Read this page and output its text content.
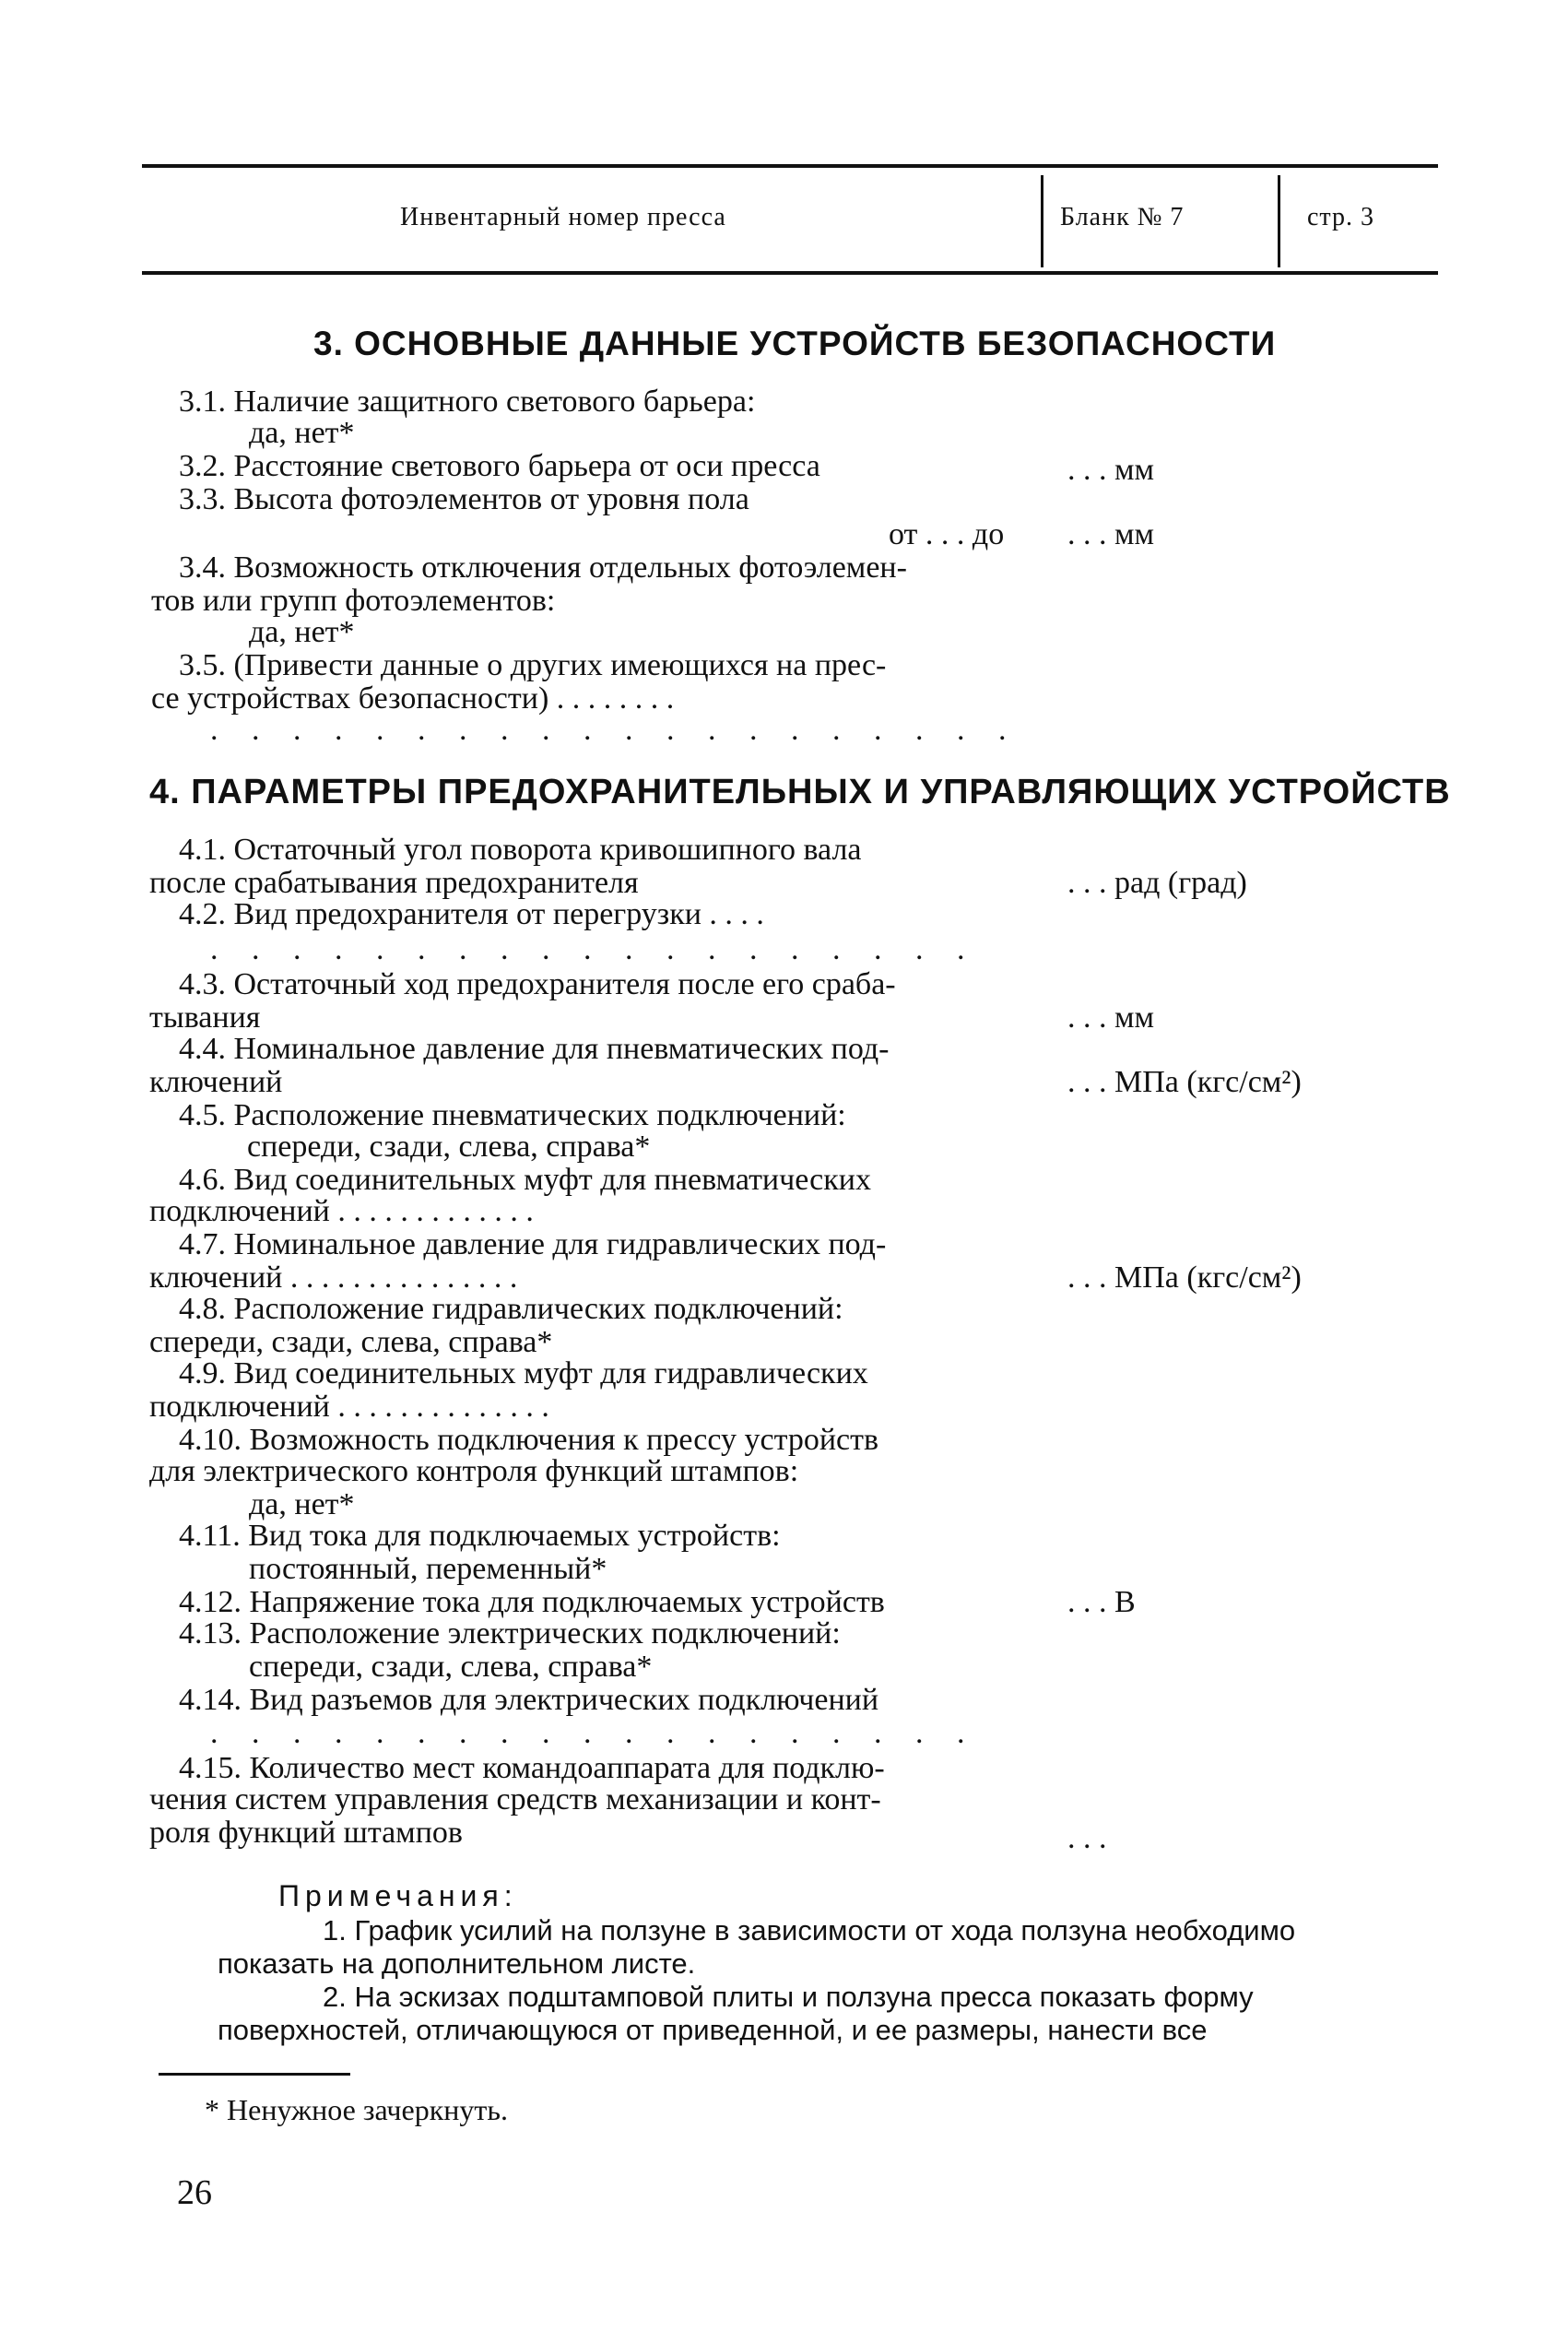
Инвентарный номер пресса	Бланк № 7	стр. 3
3. ОСНОВНЫЕ ДАННЫЕ УСТРОЙСТВ БЕЗОПАСНОСТИ
3.1. Наличие защитного светового барьера:
да, нет*
3.2. Расстояние светового барьера от оси пресса	. . . мм
3.3. Высота фотоэлементов от уровня пола
от . . . до . . . мм
3.4. Возможность отключения отдельных фотоэлемен-
тов или групп фотоэлементов:
да, нет*
3.5. (Привести данные о других имеющихся на прес-
се устройствах безопасности) . . . . . . . .
. . . . . . . . . . . . . . . . . . . .
4. ПАРАМЕТРЫ ПРЕДОХРАНИТЕЛЬНЫХ И УПРАВЛЯЮЩИХ УСТРОЙСТВ
4.1. Остаточный угол поворота кривошипного вала
после срабатывания предохранителя	. . . рад (град)
4.2. Вид предохранителя от перегрузки . . . .
. . . . . . . . . . . . . . . . . . .
4.3. Остаточный ход предохранителя после его сраба-
тывания	. . . мм
4.4. Номинальное давление для пневматических под-
ключений	. . . МПа (кгс/см²)
4.5. Расположение пневматических подключений:
спереди, сзади, слева, справа*
4.6. Вид соединительных муфт для пневматических
подключений . . . . . . . . . . . . .
4.7. Номинальное давление для гидравлических под-
ключений . . . . . . . . . . . . . . .	. . . МПа (кгс/см²)
4.8. Расположение гидравлических подключений:
спереди, сзади, слева, справа*
4.9. Вид соединительных муфт для гидравлических
подключений . . . . . . . . . . . . . .
4.10. Возможность подключения к прессу устройств
для электрического контроля функций штампов:
да, нет*
4.11. Вид тока для подключаемых устройств:
постоянный, переменный*
4.12. Напряжение тока для подключаемых устройств	. . . В
4.13. Расположение электрических подключений:
спереди, сзади, слева, справа*
4.14. Вид разъемов для электрических подключений
. . . . . . . . . . . . . . . . . . .
4.15. Количество мест командоаппарата для подклю-
чения систем управления средств механизации и конт-
роля функций штампов	. . .
Примечания:
1. График усилий на ползуне в зависимости от хода ползуна необходимо
показать на дополнительном листе.
2. На эскизах подштамповой плиты и ползуна пресса показать форму
поверхностей, отличающуюся от приведенной, и ее размеры, нанести все
* Ненужное зачеркнуть.
26
